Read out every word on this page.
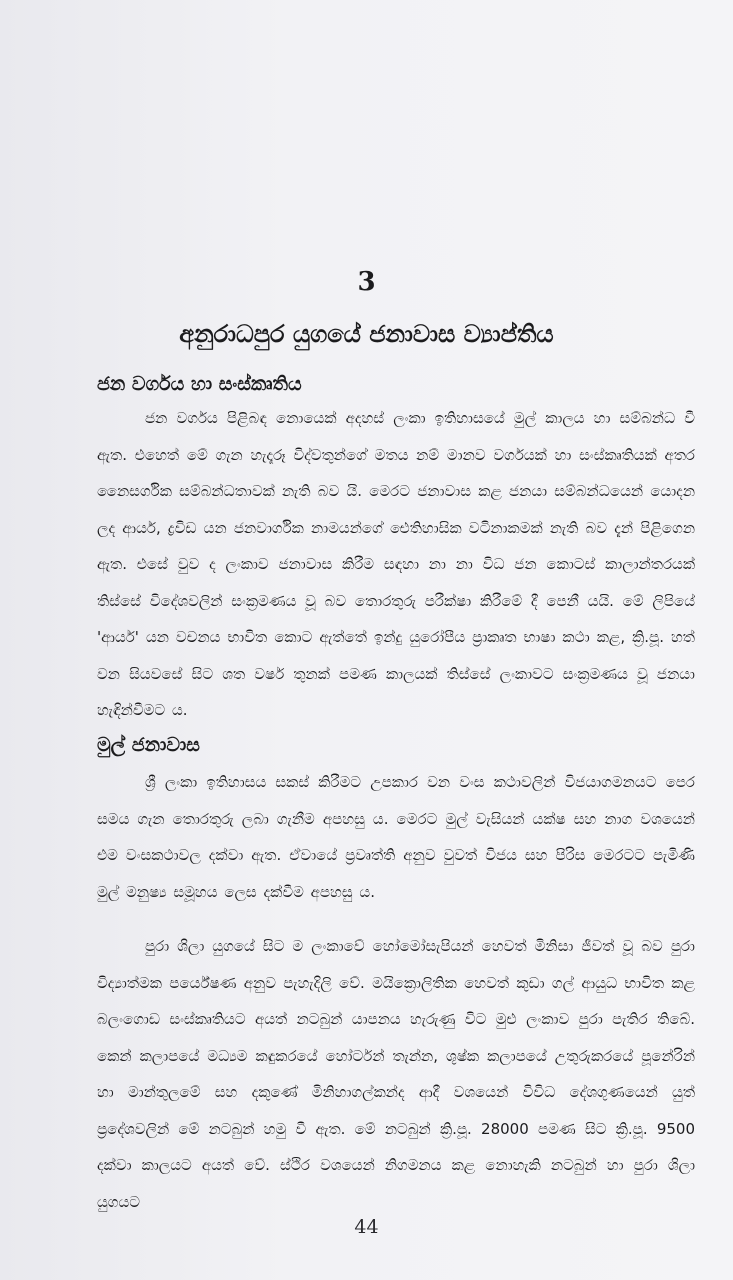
3
අනුරාධපුර යුගයේ ජනාවාස ව්‍යාප්තිය
ජන වර්ගය හා සංස්කෘතිය

ජන වර්ගය පිළිබඳ නොයෙක් අදහස් ලංකා ඉතිහාසයේ මුල් කාලය හා සම්බන්ධ වී ඇත. එහෙත් මේ ගැන හැදෑරූ විද්වතුන්ගේ මතය නම් මානව වර්ගයක් හා සංස්කෘතියක් අතර නෛසර්ගික සම්බන්ධතාවක් නැති බව යි. මෙරට ජනාවාස කළ ජනයා සම්බන්ධයෙන් යොදන ලද ආර්ය, ද්‍රවිඩ යන ජනවාර්ගික නාමයන්ගේ ඓතිහාසික වටිනාකමක් නැති බව දැන් පිළිගෙන ඇත. එසේ වුව ද ලංකාව ජනාවාස කිරීම සඳහා නා නා විධ ජන කොටස් කාලාන්තරයක් තිස්සේ විදේශවලින් සංක්‍රමණය වූ බව තොරතුරු පරීක්ෂා කිරීමේ දී පෙනී යයි. මේ ලිපියේ 'ආර්ය' යන වචනය භාවිත කොට ඇත්තේ ඉන්දු යුරෝපීය ප්‍රාකෘත භාෂා කථා කළ, ක්‍රි.පූ. හත් වන සියවසේ සිට ශත වර්ෂ තුනක් පමණ කාලයක් තිස්සේ ලංකාවට සංක්‍රමණය වූ ජනයා හැඳින්වීමට ය.

මුල් ජනාවාස

ශ්‍රී ලංකා ඉතිහාසය සකස් කිරීමට උපකාර වන වංස කථාවලින් විජයාගමනයට පෙර සමය ගැන තොරතුරු ලබා ගැනීම අපහසු ය. මෙරට මුල් වැසියන් යක්ෂ සහ නාග වශයෙන් එම වංසකථාවල දක්වා ඇත. ඒවායේ ප්‍රවෘත්ති අනුව වුවත් විජය සහ පිරිස මෙරටට පැමිණි මුල් මනුෂ්‍ය සමූහය ලෙස දක්වීම අපහසු ය.

පුරා ශිලා යුගයේ සිට ම ලංකාවේ හෝමෝසැපියන් හෙවත් මිනිසා ජීවත් වූ බව පුරා විද්‍යාත්මක පර්යේෂණ අනුව පැහැදිලි වේ. මයික්‍රොලිතික හෙවත් කුඩා ගල් ආයුධ භාවිත කළ බලංගොඩ සංස්කෘතියට අයත් නටබුන් යාපනය හැරුණු විට මුළු ලංකාව පුරා පැතිර තිබේ. කෙන් කලාපයේ මධ්‍යම කඳුකරයේ හෝර්ටන් තැන්න, ශුෂ්ක කලාපයේ උතුරුකරයේ පූනේරින් හා මාන්තුලමේ සහ දකුණේ මිනිහාගල්කන්ද ආදී වශයෙන් විවිධ දේශගුණයෙන් යුත් ප්‍රදේශවලින් මේ නටබුන් හමු වී ඇත. මේ නටබුන් ක්‍රි.පූ. 28000 පමණ සිට ක්‍රි.පූ. 9500 දක්වා කාලයට අයත් වේ. ස්ථිර වශයෙන් නිගමනය කළ නොහැකි නටබුන් හා පුරා ශිලා යුගයට

44
